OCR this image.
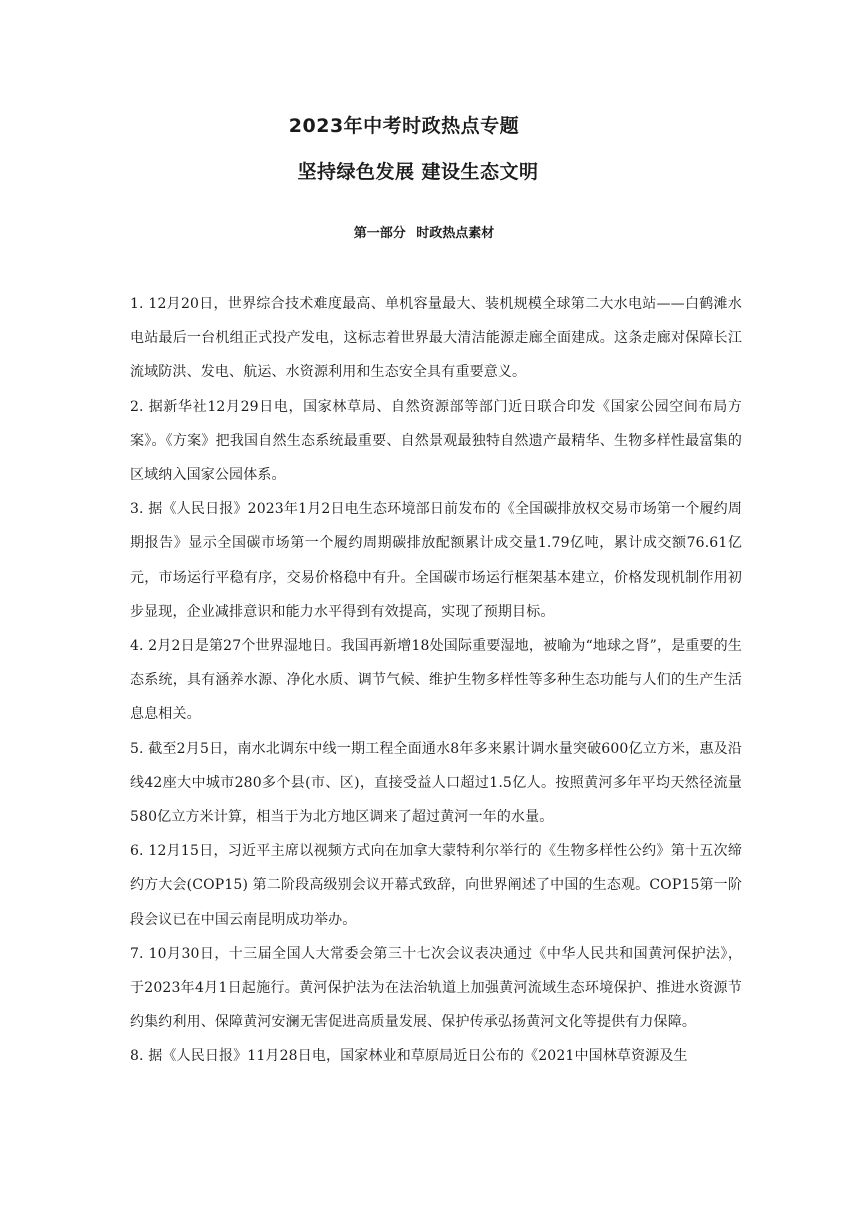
2023年中考时政热点专题
坚持绿色发展 建设生态文明
第一部分 时政热点素材

1. 12月20日，世界综合技术难度最高、单机容量最大、装机规模全球第二大水电站——白鹤滩水电站最后一台机组正式投产发电，这标志着世界最大清洁能源走廊全面建成。这条走廊对保障长江流域防洪、发电、航运、水资源利用和生态安全具有重要意义。

2. 据新华社12月29日电，国家林草局、自然资源部等部门近日联合印发《国家公园空间布局方案》。《方案》把我国自然生态系统最重要、自然景观最独特自然遗产最精华、生物多样性最富集的区域纳入国家公园体系。

3. 据《人民日报》2023年1月2日电生态环境部日前发布的《全国碳排放权交易市场第一个履约周期报告》显示全国碳市场第一个履约周期碳排放配额累计成交量1.79亿吨，累计成交额76.61亿元，市场运行平稳有序，交易价格稳中有升。全国碳市场运行框架基本建立，价格发现机制作用初步显现，企业减排意识和能力水平得到有效提高，实现了预期目标。

4. 2月2日是第27个世界湿地日。我国再新增18处国际重要湿地，被喻为“地球之肾”，是重要的生态系统，具有涵养水源、净化水质、调节气候、维护生物多样性等多种生态功能与人们的生产生活息息相关。

5. 截至2月5日，南水北调东中线一期工程全面通水8年多来累计调水量突破600亿立方米，惠及沿线42座大中城市280多个县(市、区)，直接受益人口超过1.5亿人。按照黄河多年平均天然径流量580亿立方米计算，相当于为北方地区调来了超过黄河一年的水量。

6. 12月15日，习近平主席以视频方式向在加拿大蒙特利尔举行的《生物多样性公约》第十五次缔约方大会(COP15) 第二阶段高级别会议开幕式致辞，向世界阐述了中国的生态观。COP15第一阶段会议已在中国云南昆明成功举办。

7. 10月30日，十三届全国人大常委会第三十七次会议表决通过《中华人民共和国黄河保护法》，于2023年4月1日起施行。黄河保护法为在法治轨道上加强黄河流域生态环境保护、推进水资源节约集约利用、保障黄河安澜无害促进高质量发展、保护传承弘扬黄河文化等提供有力保障。

8. 据《人民日报》11月28日电，国家林业和草原局近日公布的《2021中国林草资源及生
